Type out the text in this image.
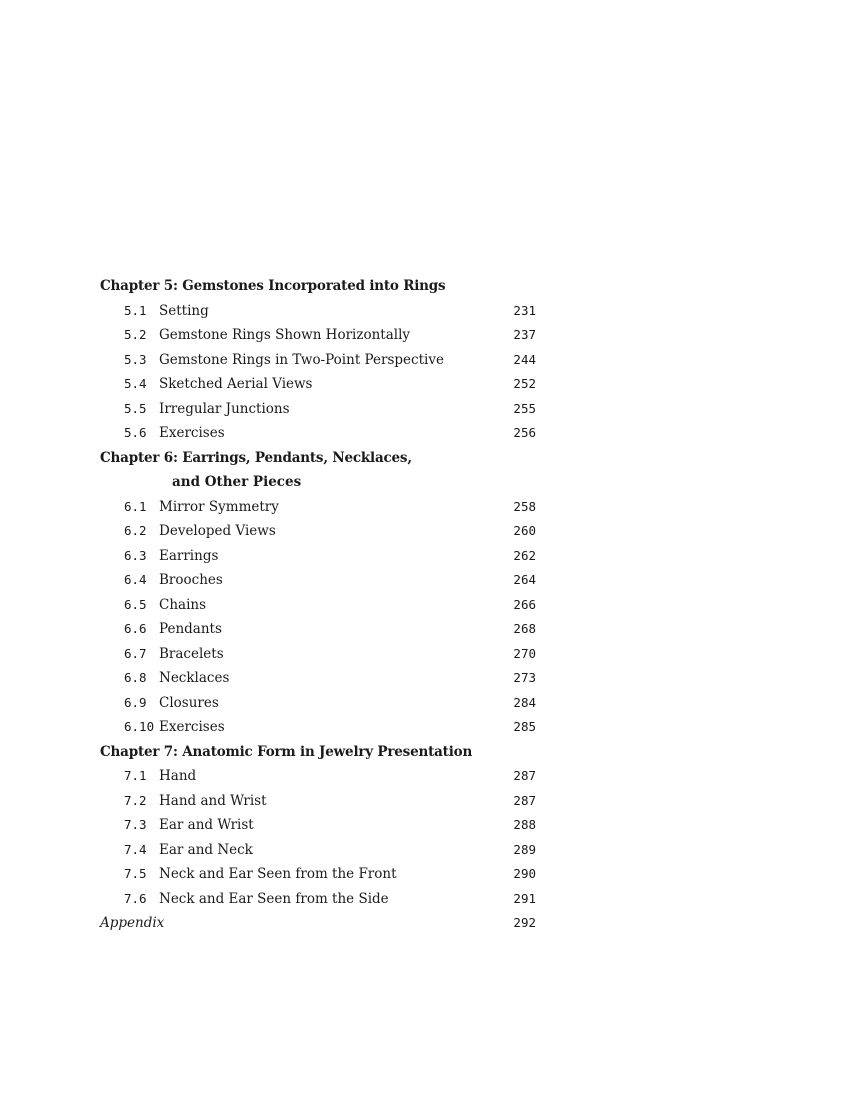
Chapter 5: Gemstones Incorporated into Rings
5.1 Setting	231
5.2 Gemstone Rings Shown Horizontally	237
5.3 Gemstone Rings in Two-Point Perspective	244
5.4 Sketched Aerial Views	252
5.5 Irregular Junctions	255
5.6 Exercises	256
Chapter 6: Earrings, Pendants, Necklaces,
and Other Pieces
6.1 Mirror Symmetry	258
6.2 Developed Views	260
6.3 Earrings	262
6.4 Brooches	264
6.5 Chains	266
6.6 Pendants	268
6.7 Bracelets	270
6.8 Necklaces	273
6.9 Closures	284
6.10 Exercises	285
Chapter 7: Anatomic Form in Jewelry Presentation
7.1 Hand	287
7.2 Hand and Wrist	287
7.3 Ear and Wrist	288
7.4 Ear and Neck	289
7.5 Neck and Ear Seen from the Front	290
7.6 Neck and Ear Seen from the Side	291
Appendix	292
